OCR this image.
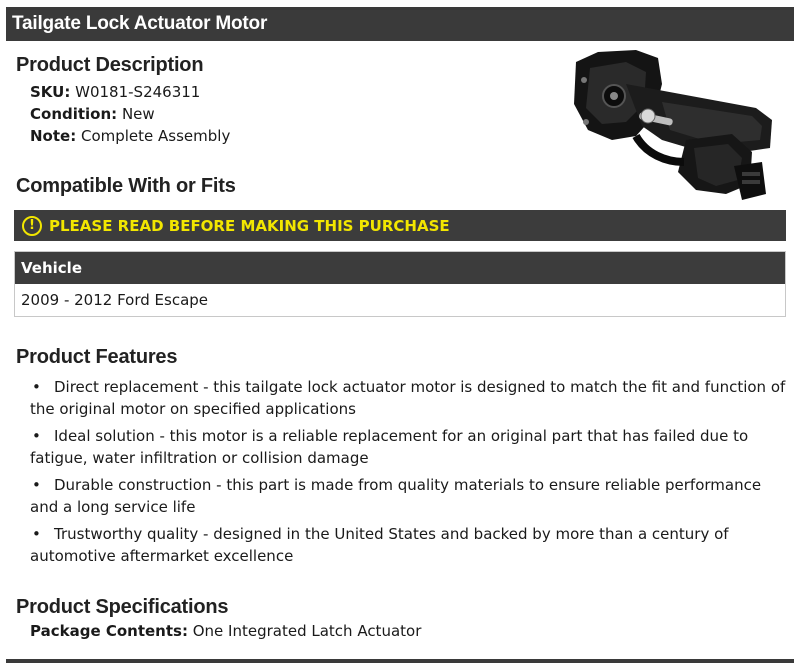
Tailgate Lock Actuator Motor
Product Description
SKU: W0181-S246311
Condition: New
Note: Complete Assembly
Compatible With or Fits
! PLEASE READ BEFORE MAKING THIS PURCHASE
Vehicle
2009 - 2012 Ford Escape
Product Features
• Direct replacement - this tailgate lock actuator motor is designed to match the fit and function of the original motor on specified applications
• Ideal solution - this motor is a reliable replacement for an original part that has failed due to fatigue, water infiltration or collision damage
• Durable construction - this part is made from quality materials to ensure reliable performance and a long service life
• Trustworthy quality - designed in the United States and backed by more than a century of automotive aftermarket excellence
Product Specifications
Package Contents: One Integrated Latch Actuator
